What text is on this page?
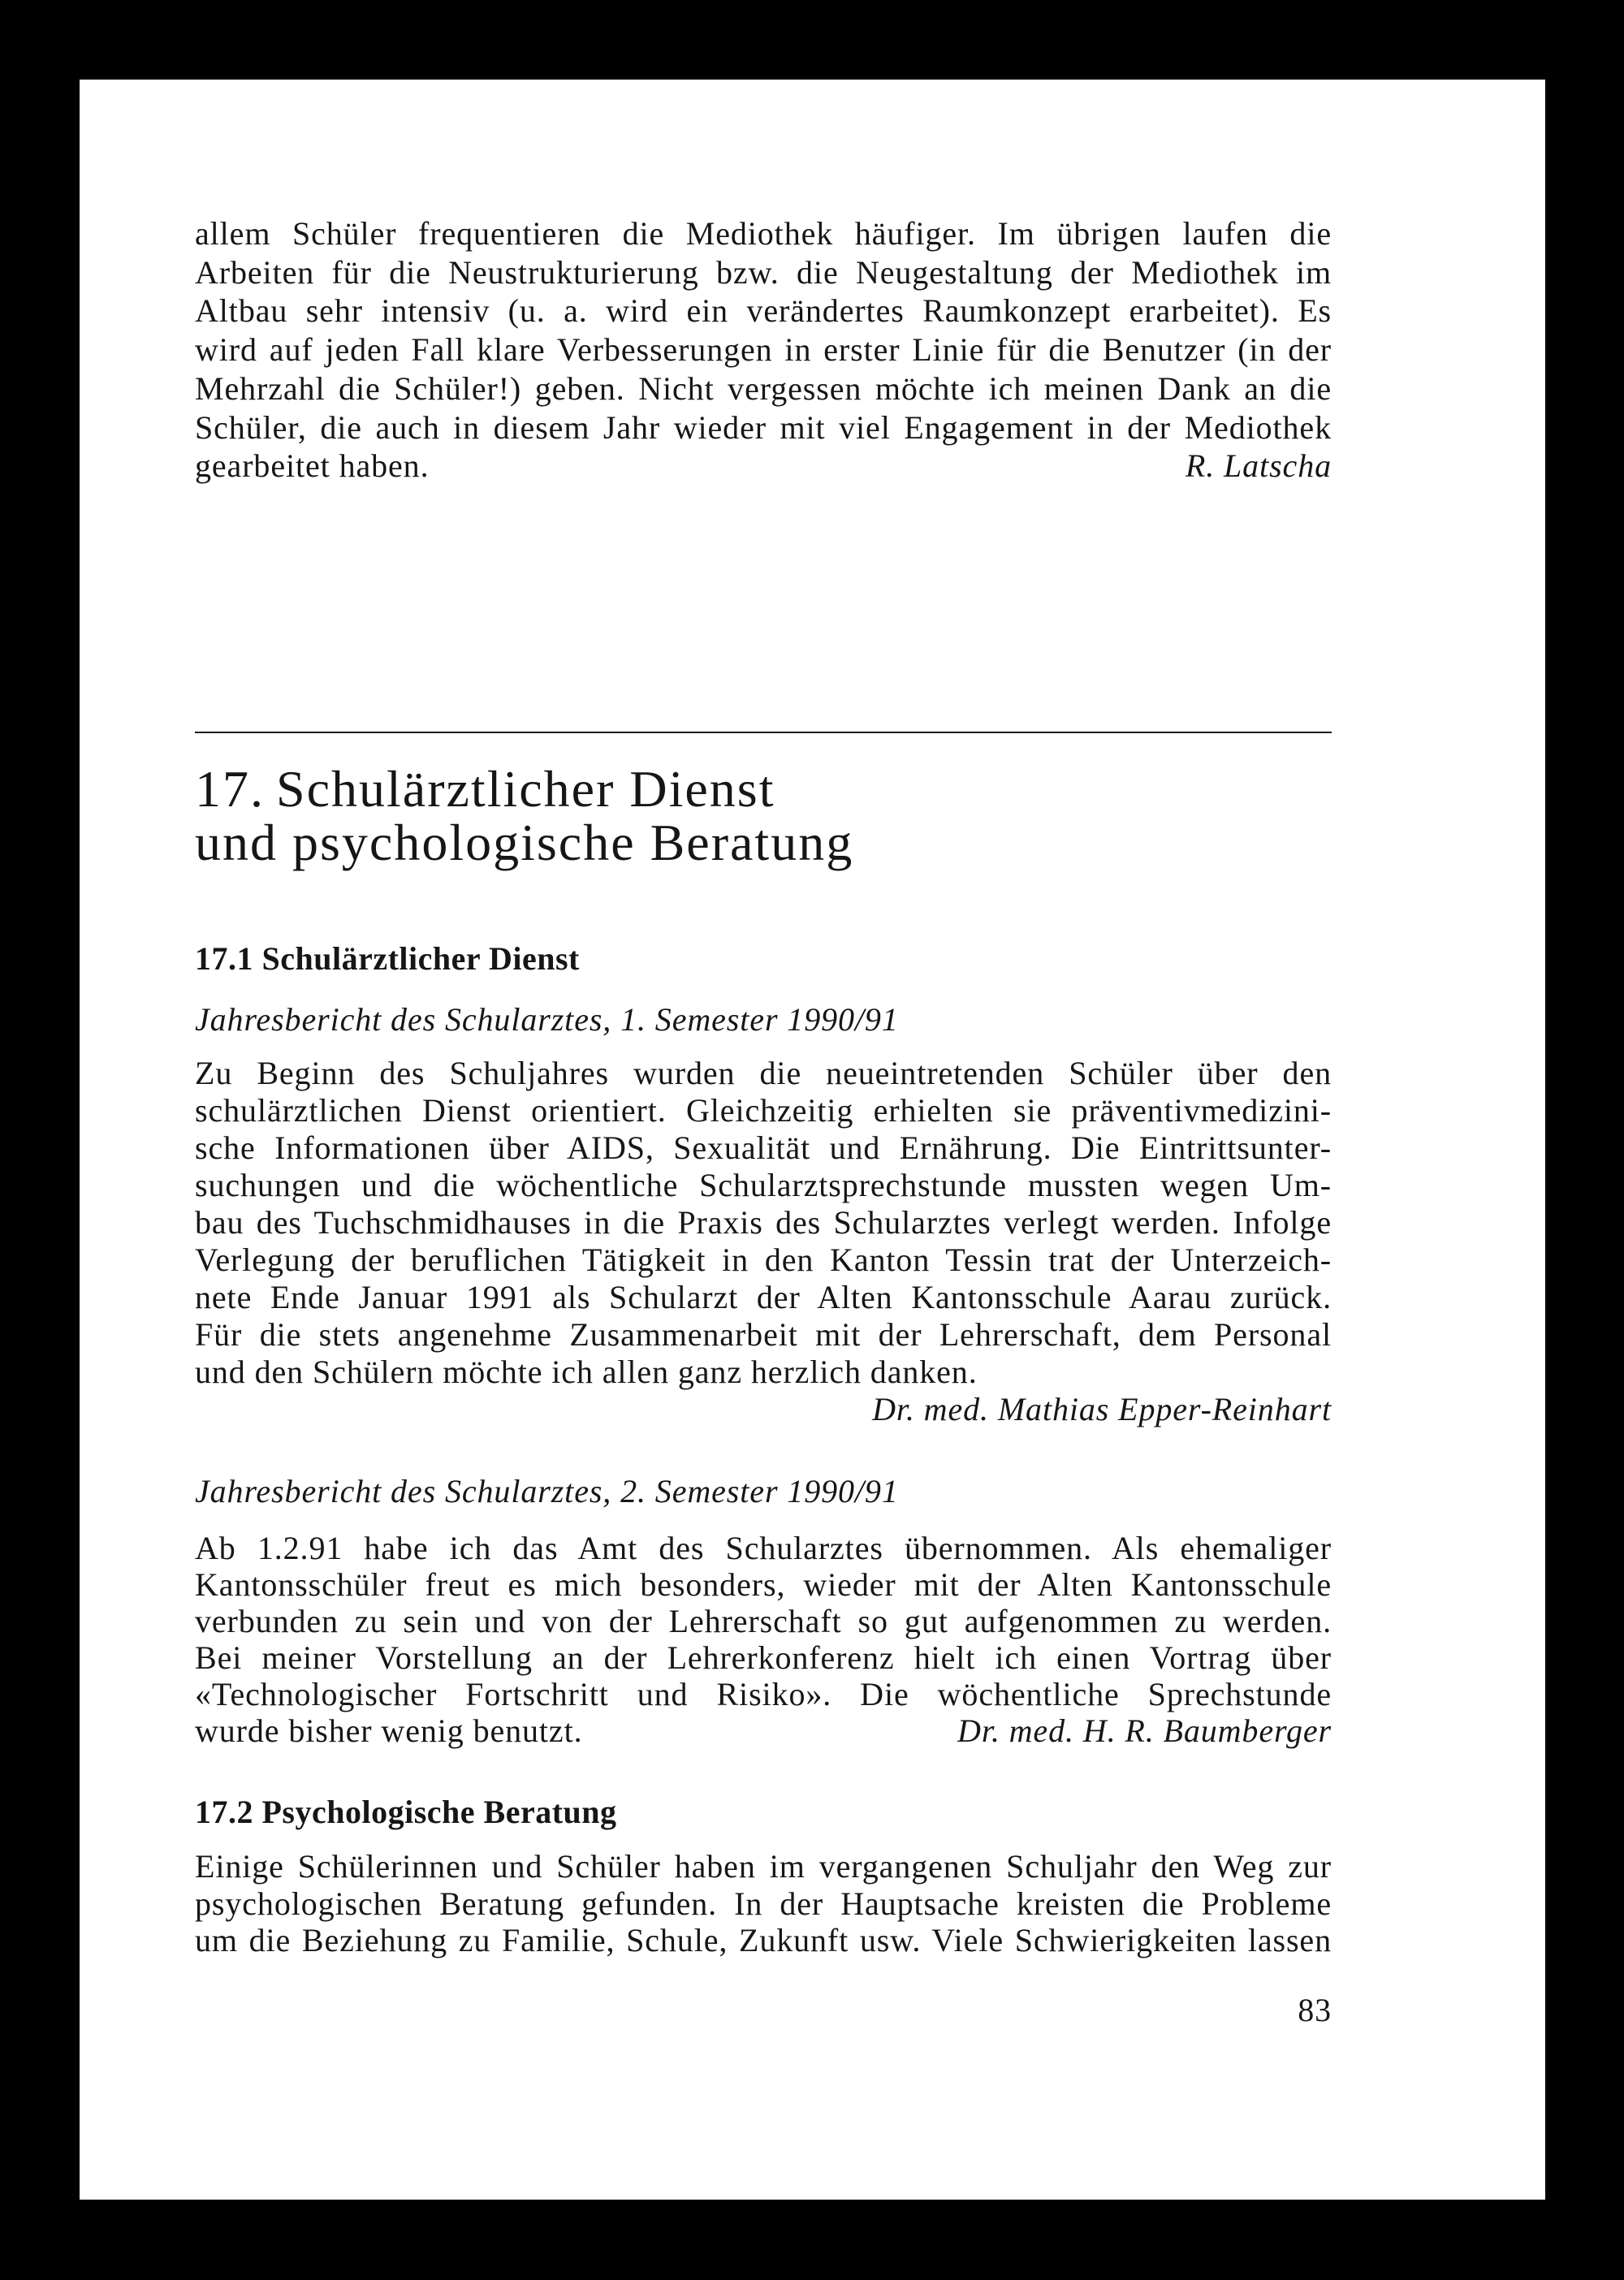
allem Schüler frequentieren die Mediothek häufiger. Im übrigen laufen die
Arbeiten für die Neustrukturierung bzw. die Neugestaltung der Mediothek im
Altbau sehr intensiv (u. a. wird ein verändertes Raumkonzept erarbeitet). Es
wird auf jeden Fall klare Verbesserungen in erster Linie für die Benutzer (in der
Mehrzahl die Schüler!) geben. Nicht vergessen möchte ich meinen Dank an die
Schüler, die auch in diesem Jahr wieder mit viel Engagement in der Mediothek
gearbeitet haben.	R. Latscha
17. Schulärztlicher Dienst
und psychologische Beratung
17.1 Schulärztlicher Dienst
Jahresbericht des Schularztes, 1. Semester 1990/91
Zu Beginn des Schuljahres wurden die neueintretenden Schüler über den
schulärztlichen Dienst orientiert. Gleichzeitig erhielten sie präventivmedizini-
sche Informationen über AIDS, Sexualität und Ernährung. Die Eintrittsunter-
suchungen und die wöchentliche Schularztsprechstunde mussten wegen Um-
bau des Tuchschmidhauses in die Praxis des Schularztes verlegt werden. Infolge
Verlegung der beruflichen Tätigkeit in den Kanton Tessin trat der Unterzeich-
nete Ende Januar 1991 als Schularzt der Alten Kantonsschule Aarau zurück.
Für die stets angenehme Zusammenarbeit mit der Lehrerschaft, dem Personal
und den Schülern möchte ich allen ganz herzlich danken.
Dr. med. Mathias Epper-Reinhart
Jahresbericht des Schularztes, 2. Semester 1990/91
Ab 1.2.91 habe ich das Amt des Schularztes übernommen. Als ehemaliger
Kantonsschüler freut es mich besonders, wieder mit der Alten Kantonsschule
verbunden zu sein und von der Lehrerschaft so gut aufgenommen zu werden.
Bei meiner Vorstellung an der Lehrerkonferenz hielt ich einen Vortrag über
«Technologischer Fortschritt und Risiko». Die wöchentliche Sprechstunde
wurde bisher wenig benutzt.	Dr. med. H. R. Baumberger
17.2 Psychologische Beratung
Einige Schülerinnen und Schüler haben im vergangenen Schuljahr den Weg zur
psychologischen Beratung gefunden. In der Hauptsache kreisten die Probleme
um die Beziehung zu Familie, Schule, Zukunft usw. Viele Schwierigkeiten lassen
83
